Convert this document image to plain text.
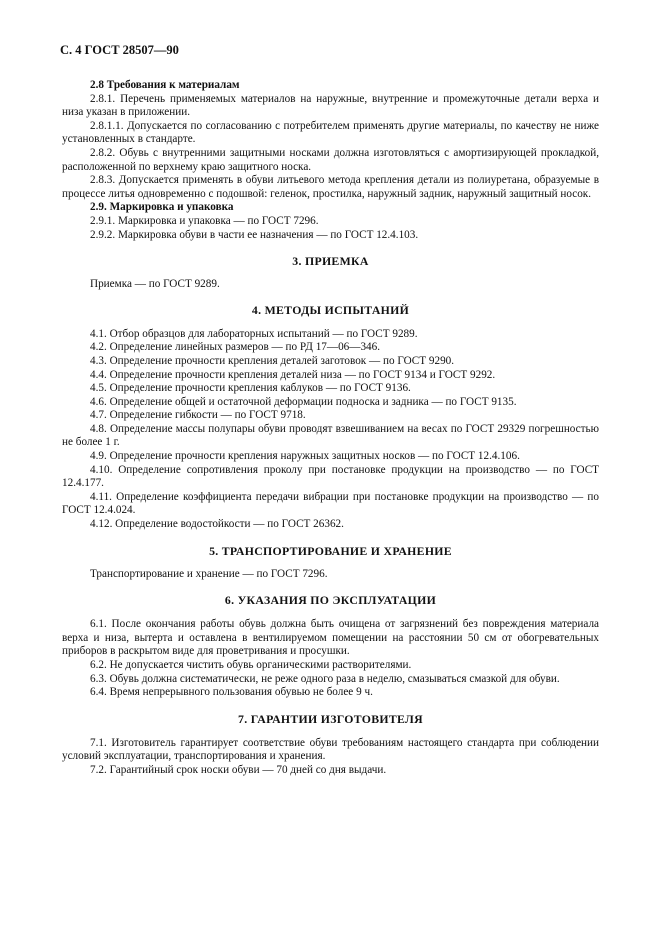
С. 4 ГОСТ 28507—90

2.8 Требования к материалам

2.8.1. Перечень применяемых материалов на наружные, внутренние и промежуточные детали верха и низа указан в приложении.

2.8.1.1. Допускается по согласованию с потребителем применять другие материалы, по качеству не ниже установленных в стандарте.

2.8.2. Обувь с внутренними защитными носками должна изготовляться с амортизирующей прокладкой, расположенной по верхнему краю защитного носка.

2.8.3. Допускается применять в обуви литьевого метода крепления детали из полиуретана, образуемые в процессе литья одновременно с подошвой: геленок, простилка, наружный задник, наружный защитный носок.

2.9. Маркировка и упаковка

2.9.1. Маркировка и упаковка — по ГОСТ 7296.

2.9.2. Маркировка обуви в части ее назначения — по ГОСТ 12.4.103.

3. ПРИЕМКА

Приемка — по ГОСТ 9289.

4. МЕТОДЫ ИСПЫТАНИЙ

4.1. Отбор образцов для лабораторных испытаний — по ГОСТ 9289.

4.2. Определение линейных размеров — по РД 17—06—346.

4.3. Определение прочности крепления деталей заготовок — по ГОСТ 9290.

4.4. Определение прочности крепления деталей низа — по ГОСТ 9134 и ГОСТ 9292.

4.5. Определение прочности крепления каблуков — по ГОСТ 9136.

4.6. Определение общей и остаточной деформации подноска и задника — по ГОСТ 9135.

4.7. Определение гибкости — по ГОСТ 9718.

4.8. Определение массы полупары обуви проводят взвешиванием на весах по ГОСТ 29329 погрешностью не более 1 г.

4.9. Определение прочности крепления наружных защитных носков — по ГОСТ 12.4.106.

4.10. Определение сопротивления проколу при постановке продукции на производство — по ГОСТ 12.4.177.

4.11. Определение коэффициента передачи вибрации при постановке продукции на производство — по ГОСТ 12.4.024.

4.12. Определение водостойкости — по ГОСТ 26362.

5. ТРАНСПОРТИРОВАНИЕ И ХРАНЕНИЕ

Транспортирование и хранение — по ГОСТ 7296.

6. УКАЗАНИЯ ПО ЭКСПЛУАТАЦИИ

6.1. После окончания работы обувь должна быть очищена от загрязнений без повреждения материала верха и низа, вытерта и оставлена в вентилируемом помещении на расстоянии 50 см от обогревательных приборов в раскрытом виде для проветривания и просушки.

6.2. Не допускается чистить обувь органическими растворителями.

6.3. Обувь должна систематически, не реже одного раза в неделю, смазываться смазкой для обуви.

6.4. Время непрерывного пользования обувью не более 9 ч.

7. ГАРАНТИИ ИЗГОТОВИТЕЛЯ

7.1. Изготовитель гарантирует соответствие обуви требованиям настоящего стандарта при соблюдении условий эксплуатации, транспортирования и хранения.

7.2. Гарантийный срок носки обуви — 70 дней со дня выдачи.
